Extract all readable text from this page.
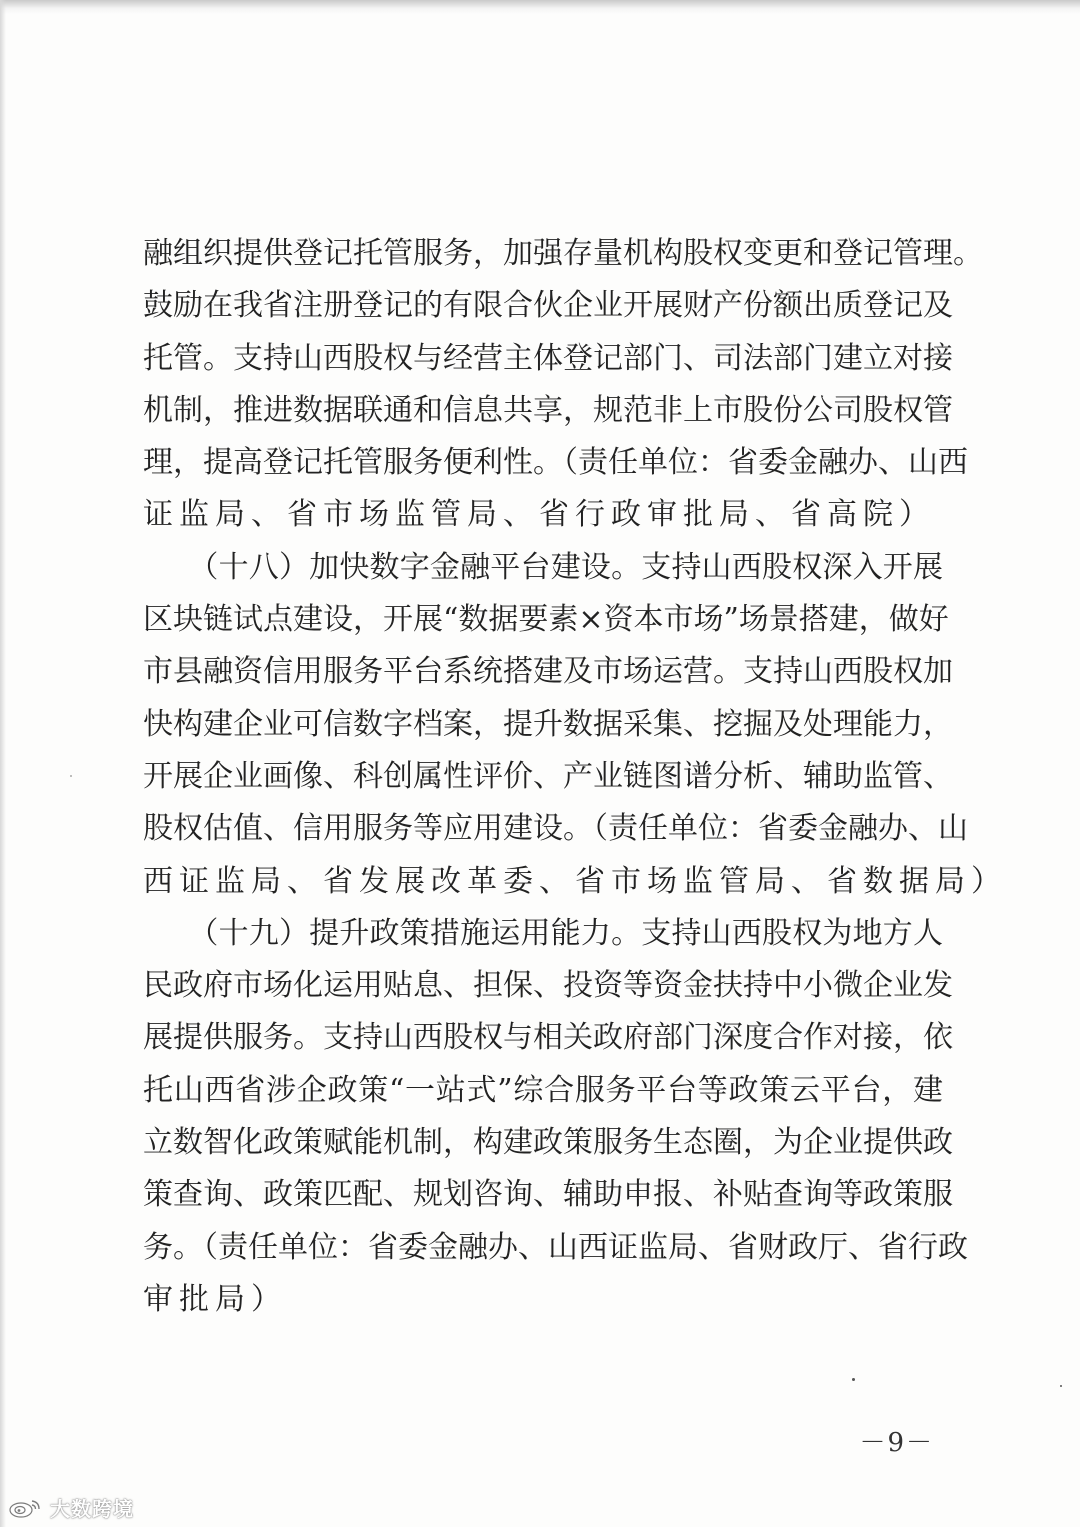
融组织提供登记托管服务，加强存量机构股权变更和登记管理。
鼓励在我省注册登记的有限合伙企业开展财产份额出质登记及
托管。支持山西股权与经营主体登记部门、司法部门建立对接
机制，推进数据联通和信息共享，规范非上市股份公司股权管
理，提高登记托管服务便利性。（责任单位：省委金融办、山西
证监局、省市场监管局、省行政审批局、省高院）
　　（十八）加快数字金融平台建设。支持山西股权深入开展
区块链试点建设，开展“数据要素×资本市场”场景搭建，做好
市县融资信用服务平台系统搭建及市场运营。支持山西股权加
快构建企业可信数字档案，提升数据采集、挖掘及处理能力，
开展企业画像、科创属性评价、产业链图谱分析、辅助监管、
股权估值、信用服务等应用建设。（责任单位：省委金融办、山
西证监局、省发展改革委、省市场监管局、省数据局）
　　（十九）提升政策措施运用能力。支持山西股权为地方人
民政府市场化运用贴息、担保、投资等资金扶持中小微企业发
展提供服务。支持山西股权与相关政府部门深度合作对接，依
托山西省涉企政策“一站式”综合服务平台等政策云平台，建
立数智化政策赋能机制，构建政策服务生态圈，为企业提供政
策查询、政策匹配、规划咨询、辅助申报、补贴查询等政策服
务。（责任单位：省委金融办、山西证监局、省财政厅、省行政
审批局）
－9－
大数跨境
